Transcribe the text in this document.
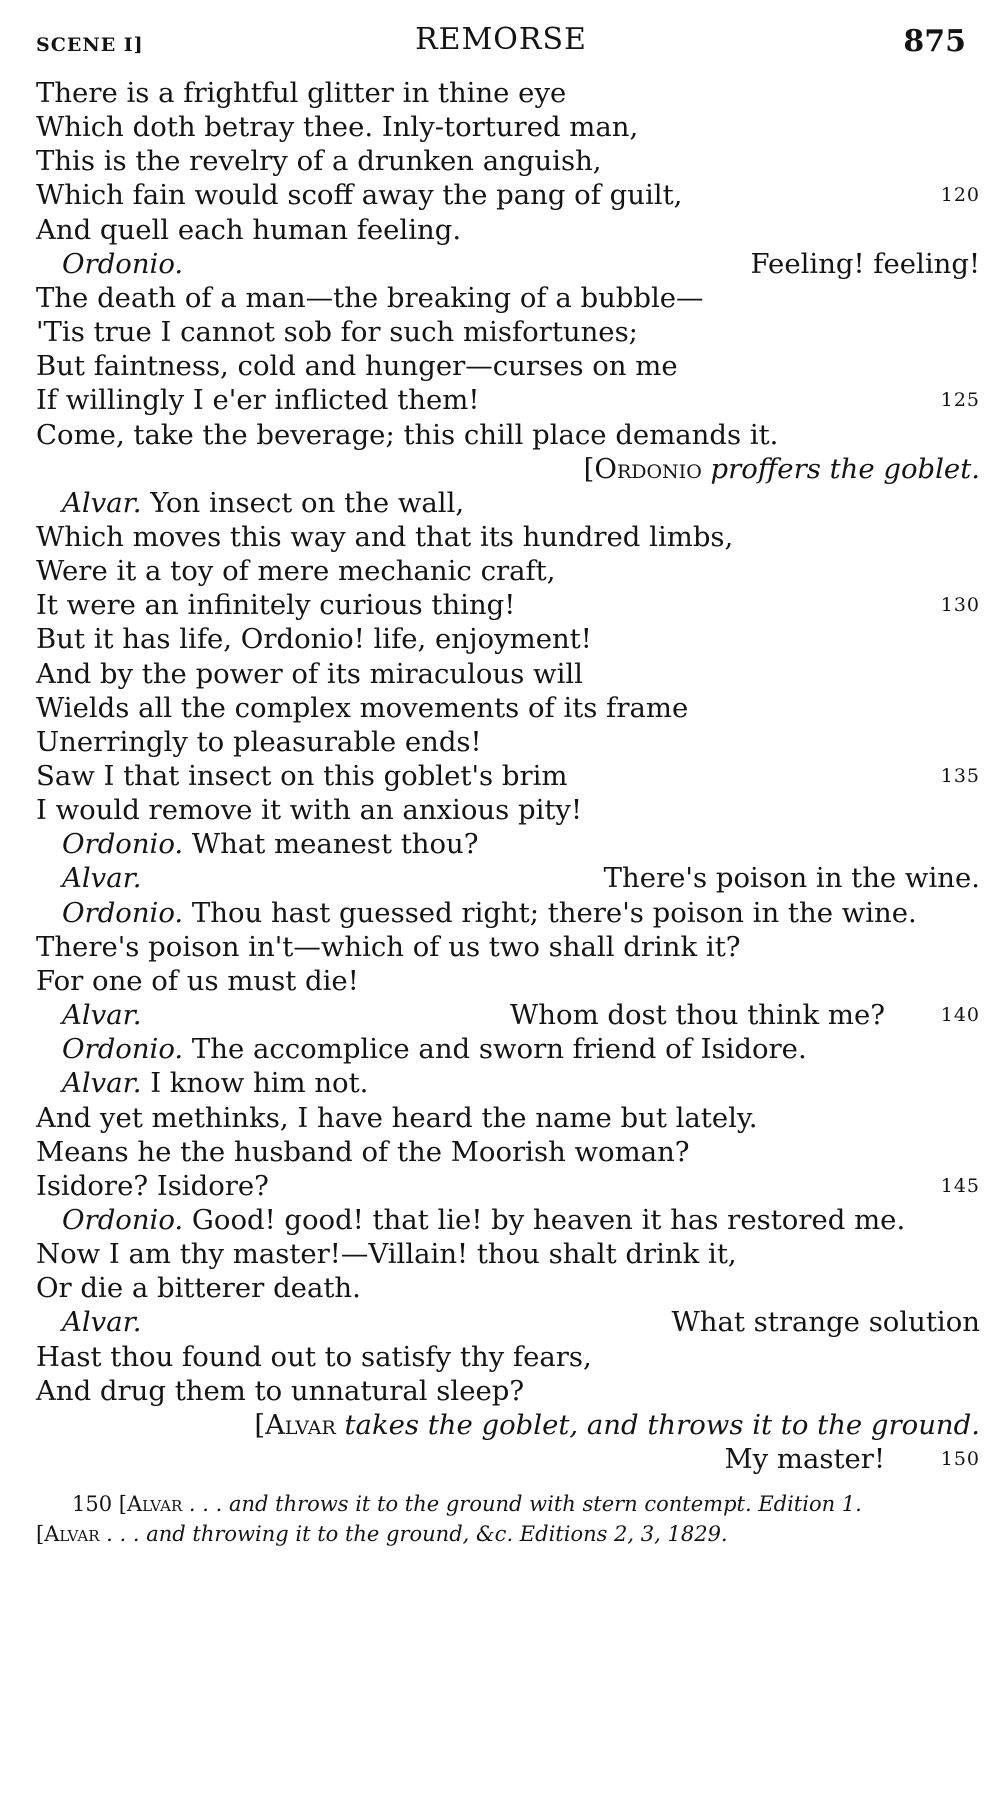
SCENE I]	REMORSE	875
There is a frightful glitter in thine eye
Which doth betray thee. Inly-tortured man,
This is the revelry of a drunken anguish,
Which fain would scoff away the pang of guilt,	120
And quell each human feeling.
Ordonio.	Feeling! feeling!
The death of a man—the breaking of a bubble—
'Tis true I cannot sob for such misfortunes;
But faintness, cold and hunger—curses on me
If willingly I e'er inflicted them!	125
Come, take the beverage; this chill place demands it.
[Ordonio proffers the goblet.
Alvar. Yon insect on the wall,
Which moves this way and that its hundred limbs,
Were it a toy of mere mechanic craft,
It were an infinitely curious thing!	130
But it has life, Ordonio! life, enjoyment!
And by the power of its miraculous will
Wields all the complex movements of its frame
Unerringly to pleasurable ends!
Saw I that insect on this goblet's brim	135
I would remove it with an anxious pity!
Ordonio. What meanest thou?
Alvar.	There's poison in the wine.
Ordonio. Thou hast guessed right; there's poison in the wine.
There's poison in't—which of us two shall drink it?
For one of us must die!
Alvar.	Whom dost thou think me?	140
Ordonio. The accomplice and sworn friend of Isidore.
Alvar. I know him not.
And yet methinks, I have heard the name but lately.
Means he the husband of the Moorish woman?
Isidore? Isidore?	145
Ordonio. Good! good! that lie! by heaven it has restored me.
Now I am thy master!—Villain! thou shalt drink it,
Or die a bitterer death.
Alvar.	What strange solution
Hast thou found out to satisfy thy fears,
And drug them to unnatural sleep?
[Alvar takes the goblet, and throws it to the ground.
My master!	150
150 [Alvar . . . and throws it to the ground with stern contempt. Edition 1.
[Alvar . . . and throwing it to the ground, &c. Editions 2, 3, 1829.
